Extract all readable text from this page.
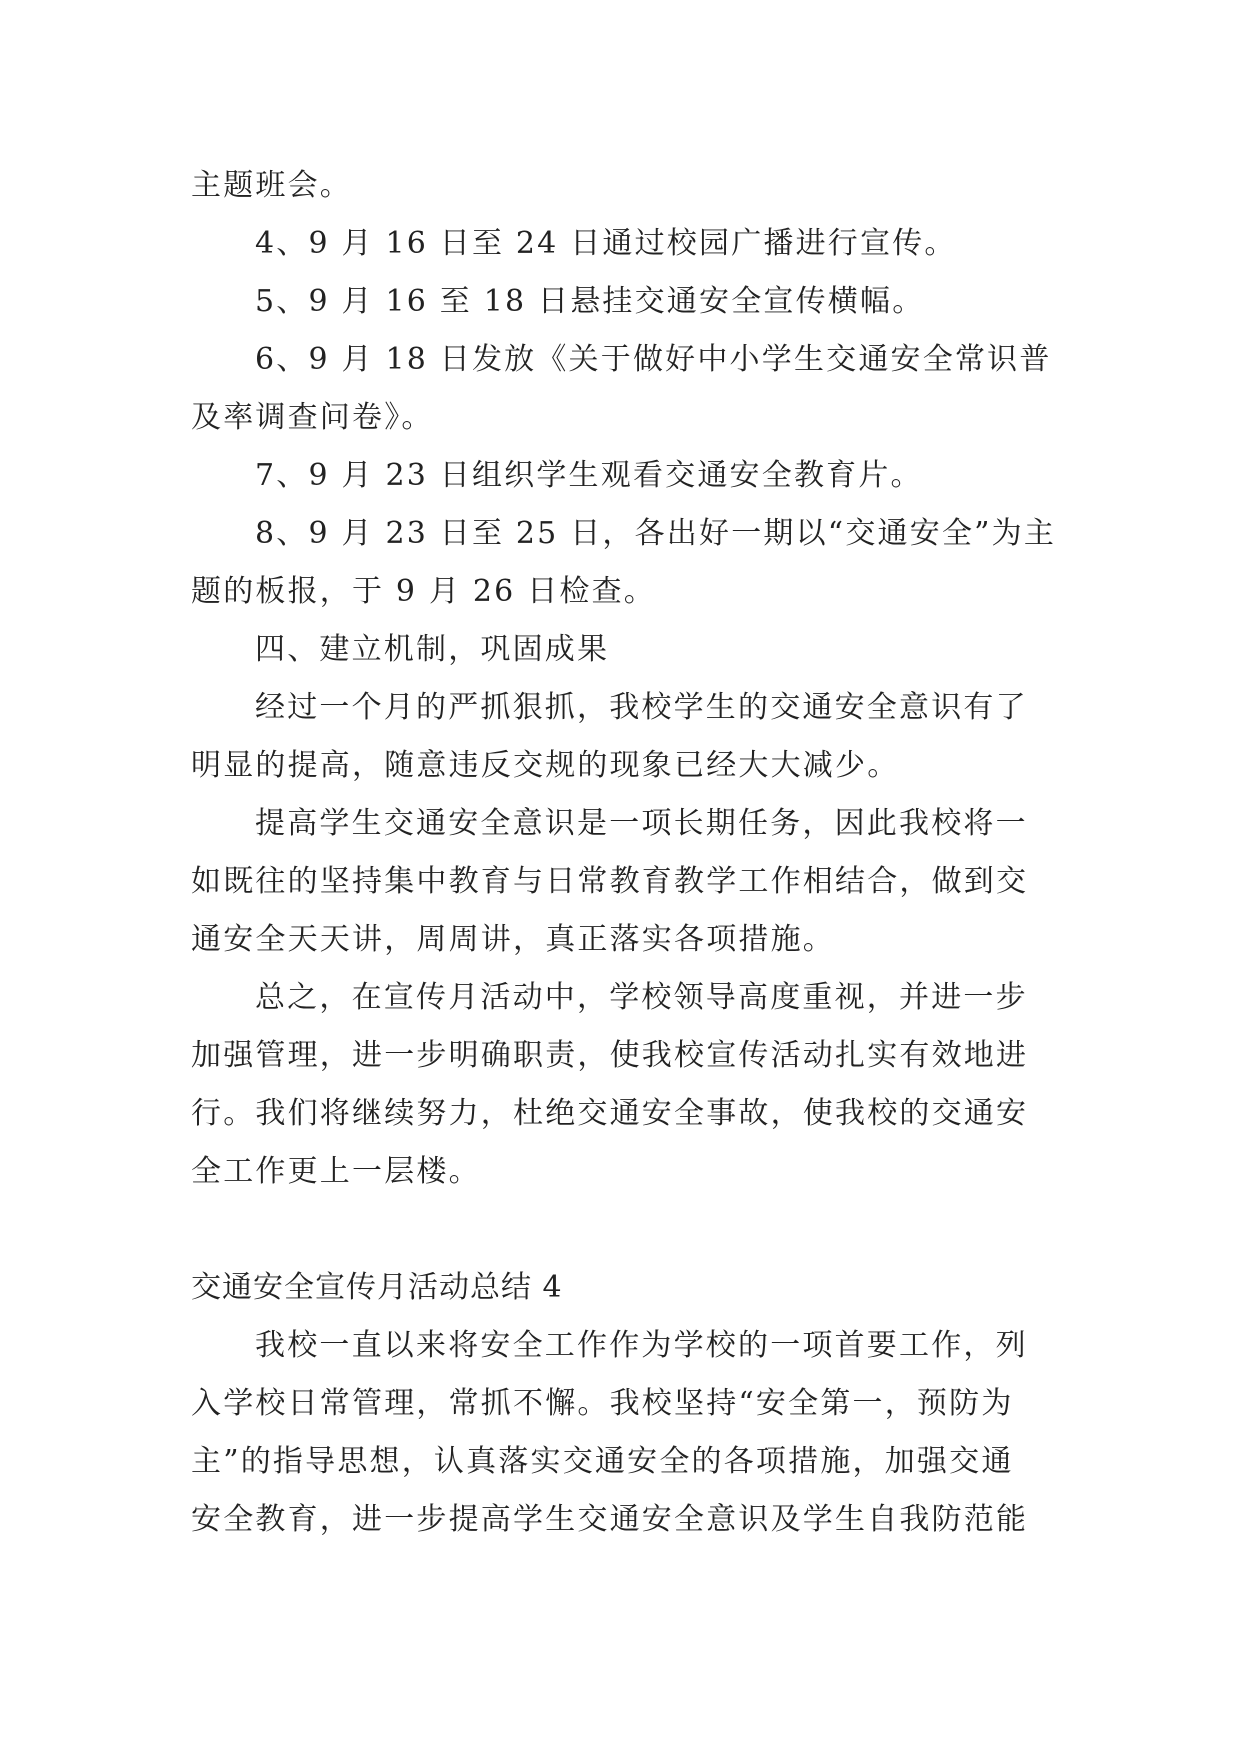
主题班会。
4、9 月 16 日至 24 日通过校园广播进行宣传。
5、9 月 16 至 18 日悬挂交通安全宣传横幅。
6、9 月 18 日发放《关于做好中小学生交通安全常识普
及率调查问卷》。
7、9 月 23 日组织学生观看交通安全教育片。
8、9 月 23 日至 25 日，各出好一期以“交通安全”为主
题的板报，于 9 月 26 日检查。
四、建立机制，巩固成果
经过一个月的严抓狠抓，我校学生的交通安全意识有了
明显的提高，随意违反交规的现象已经大大减少。
提高学生交通安全意识是一项长期任务，因此我校将一
如既往的坚持集中教育与日常教育教学工作相结合，做到交
通安全天天讲，周周讲，真正落实各项措施。
总之，在宣传月活动中，学校领导高度重视，并进一步
加强管理，进一步明确职责，使我校宣传活动扎实有效地进
行。我们将继续努力，杜绝交通安全事故，使我校的交通安
全工作更上一层楼。
交通安全宣传月活动总结 4
我校一直以来将安全工作作为学校的一项首要工作，列
入学校日常管理，常抓不懈。我校坚持“安全第一，预防为
主”的指导思想，认真落实交通安全的各项措施，加强交通
安全教育，进一步提高学生交通安全意识及学生自我防范能
